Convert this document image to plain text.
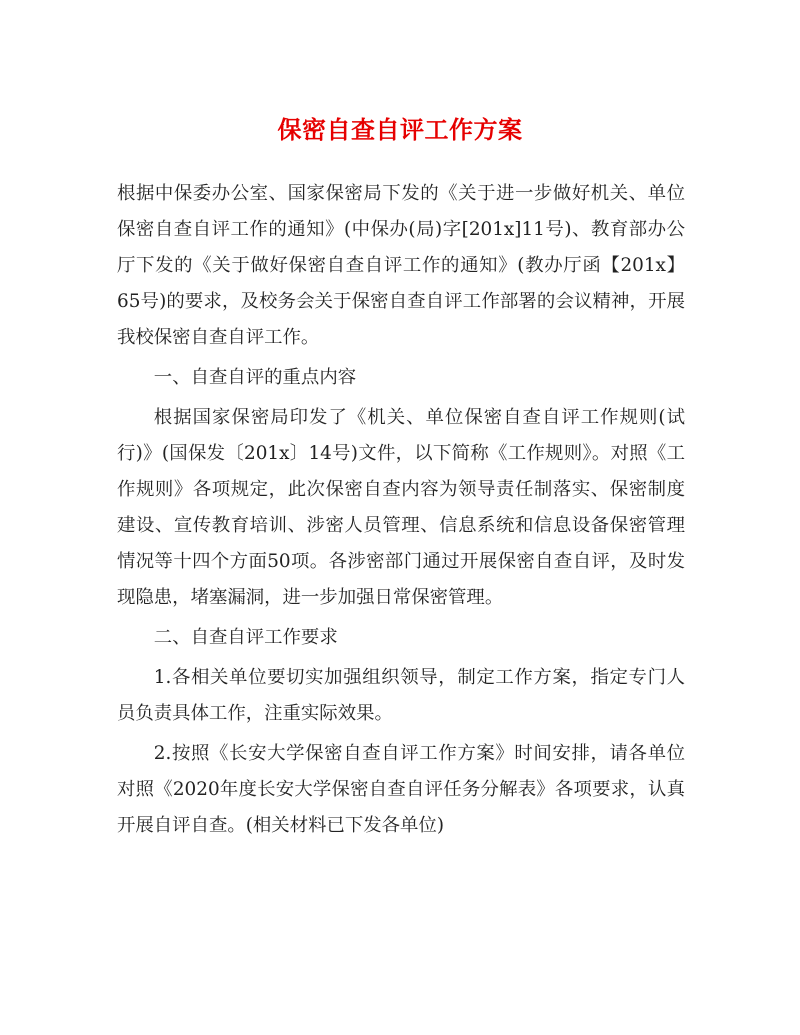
保密自查自评工作方案

根据中保委办公室、国家保密局下发的《关于进一步做好机关、单位保密自查自评工作的通知》(中保办(局)字[201x]11号)、教育部办公厅下发的《关于做好保密自查自评工作的通知》(教办厅函【201x】65号)的要求，及校务会关于保密自查自评工作部署的会议精神，开展我校保密自查自评工作。

一、自查自评的重点内容

根据国家保密局印发了《机关、单位保密自查自评工作规则(试行)》(国保发〔201x〕14号)文件，以下简称《工作规则》。对照《工作规则》各项规定，此次保密自查内容为领导责任制落实、保密制度建设、宣传教育培训、涉密人员管理、信息系统和信息设备保密管理情况等十四个方面50项。各涉密部门通过开展保密自查自评，及时发现隐患，堵塞漏洞，进一步加强日常保密管理。

二、自查自评工作要求

1.各相关单位要切实加强组织领导，制定工作方案，指定专门人员负责具体工作，注重实际效果。

2.按照《长安大学保密自查自评工作方案》时间安排，请各单位对照《2020年度长安大学保密自查自评任务分解表》各项要求，认真开展自评自查。(相关材料已下发各单位)
